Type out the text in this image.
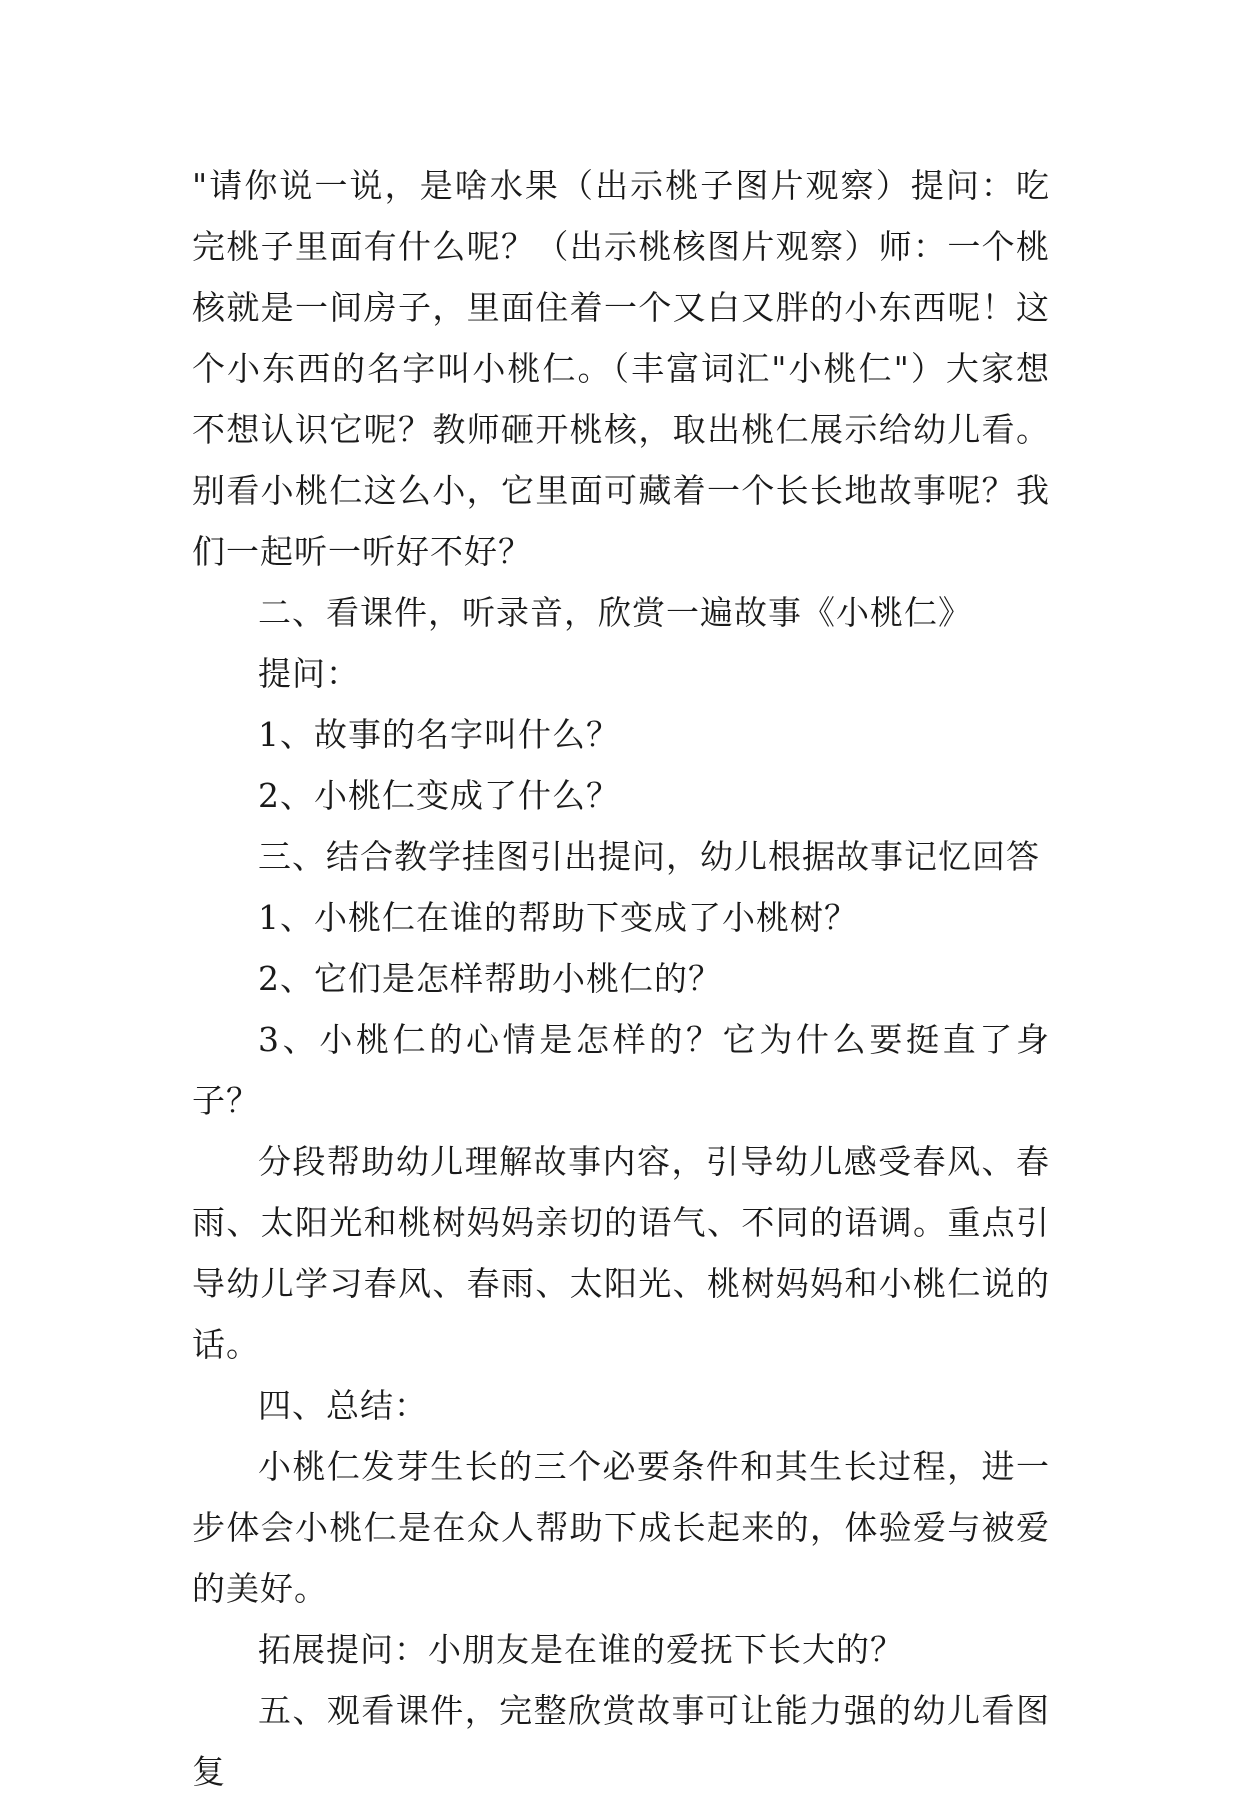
"请你说一说，是啥水果（出示桃子图片观察）提问：吃完桃子里面有什么呢？（出示桃核图片观察）师：一个桃核就是一间房子，里面住着一个又白又胖的小东西呢！这个小东西的名字叫小桃仁。（丰富词汇"小桃仁"）大家想不想认识它呢？教师砸开桃核，取出桃仁展示给幼儿看。别看小桃仁这么小，它里面可藏着一个长长地故事呢？我们一起听一听好不好？

二、看课件，听录音，欣赏一遍故事《小桃仁》

提问：

1、故事的名字叫什么？

2、小桃仁变成了什么？

三、结合教学挂图引出提问，幼儿根据故事记忆回答

1、小桃仁在谁的帮助下变成了小桃树？

2、它们是怎样帮助小桃仁的？

3、小桃仁的心情是怎样的？它为什么要挺直了身子？

分段帮助幼儿理解故事内容，引导幼儿感受春风、春雨、太阳光和桃树妈妈亲切的语气、不同的语调。重点引导幼儿学习春风、春雨、太阳光、桃树妈妈和小桃仁说的话。

四、总结：

小桃仁发芽生长的三个必要条件和其生长过程，进一步体会小桃仁是在众人帮助下成长起来的，体验爱与被爱的美好。

拓展提问：小朋友是在谁的爱抚下长大的？

五、观看课件，完整欣赏故事可让能力强的幼儿看图复
